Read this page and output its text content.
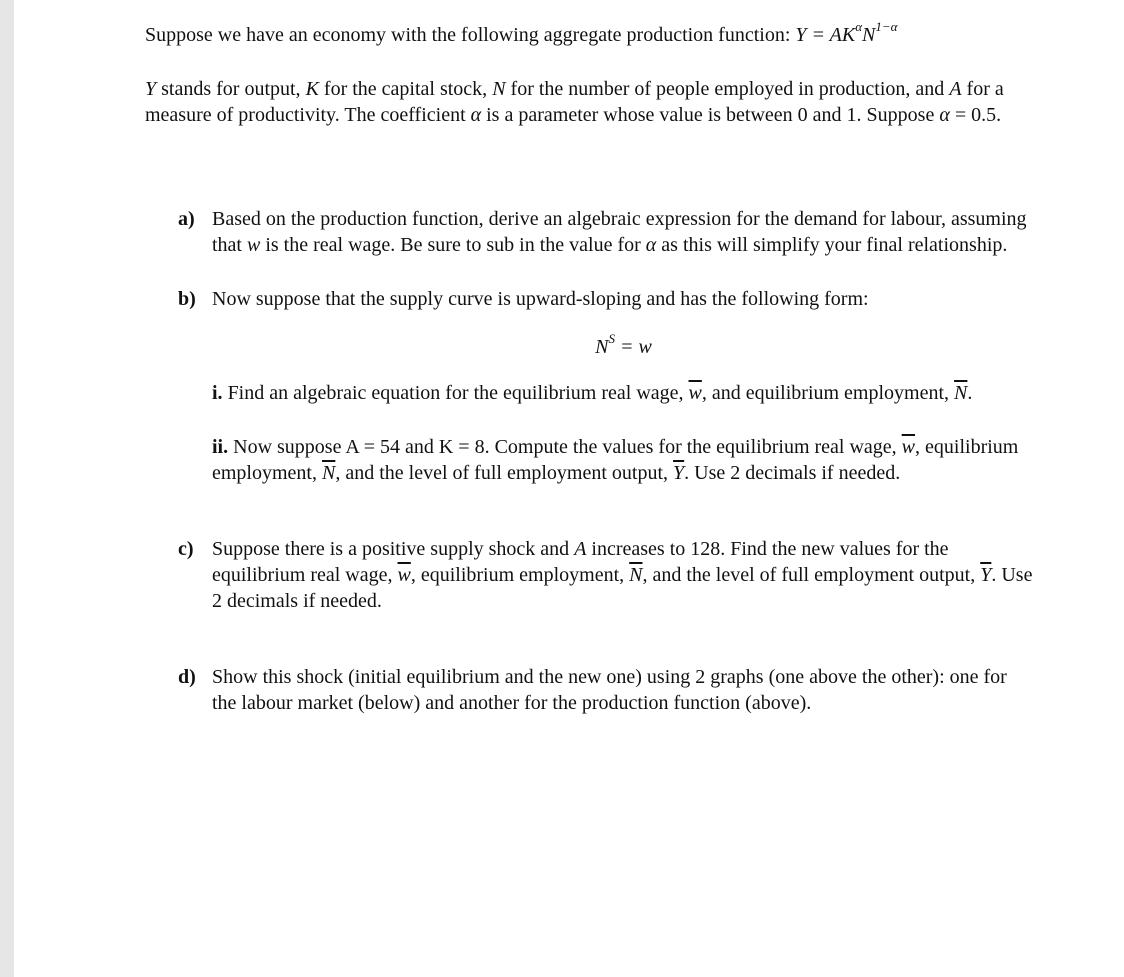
Suppose we have an economy with the following aggregate production function: $Y = AK^\alpha N^{1-\alpha}$

Y stands for output, K for the capital stock, N for the number of people employed in production, and A for a measure of productivity. The coefficient α is a parameter whose value is between 0 and 1. Suppose α = 0.5.

a) Based on the production function, derive an algebraic expression for the demand for labour, assuming that w is the real wage. Be sure to sub in the value for α as this will simplify your final relationship.

b) Now suppose that the supply curve is upward-sloping and has the following form:

$N^S = w$

i. Find an algebraic equation for the equilibrium real wage, $\overline{w}$, and equilibrium employment, $\overline{N}$.

ii. Now suppose A = 54 and K = 8. Compute the values for the equilibrium real wage, $\overline{w}$, equilibrium employment, $\overline{N}$, and the level of full employment output, $\overline{Y}$. Use 2 decimals if needed.

c) Suppose there is a positive supply shock and A increases to 128. Find the new values for the equilibrium real wage, $\overline{w}$, equilibrium employment, $\overline{N}$, and the level of full employment output, $\overline{Y}$. Use 2 decimals if needed.

d) Show this shock (initial equilibrium and the new one) using 2 graphs (one above the other): one for the labour market (below) and another for the production function (above).
